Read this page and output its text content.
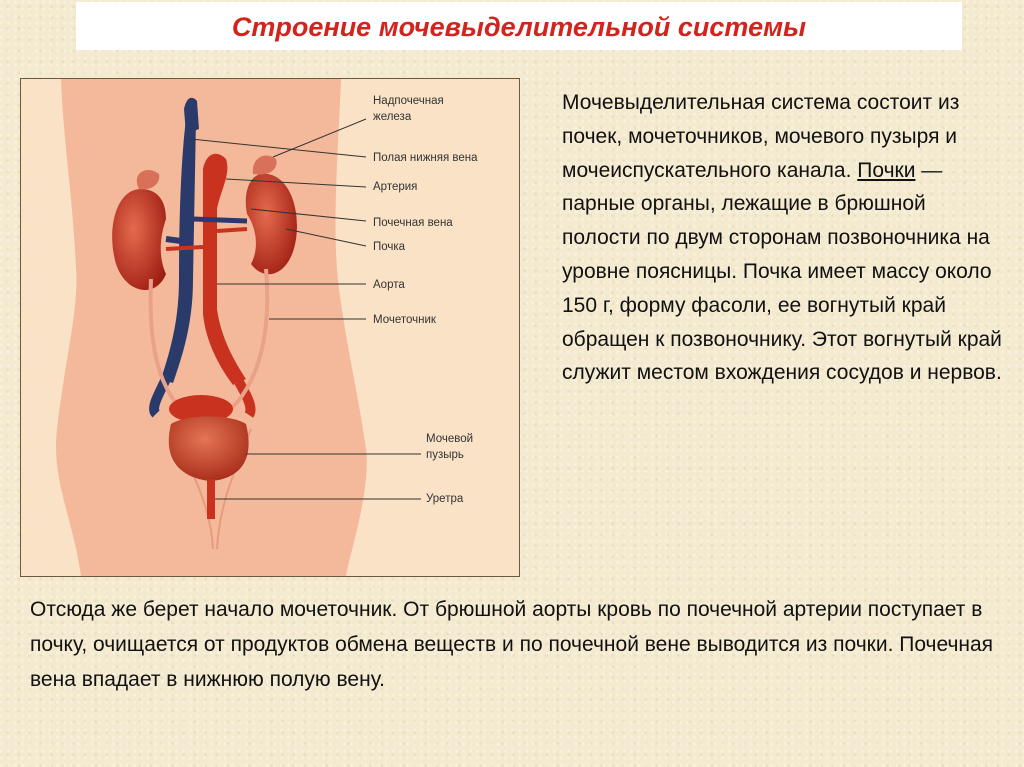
Строение мочевыделительной системы
Надпочечная
железа
Полая нижняя вена
Артерия
Почечная вена
Почка
Аорта
Мочеточник
Мочевой
пузырь
Уретра
Мочевыделительная система состоит из почек, мочеточников, мочевого пузыря и мочеиспускательного канала. Почки — парные органы, лежащие в брюшной полости по двум сторонам позвоночника на уровне поясницы. Почка имеет массу около 150 г, форму фасоли, ее вогнутый край обращен к позвоночнику. Этот вогнутый край служит местом вхождения сосудов и нервов.
Отсюда же берет начало мочеточник. От брюшной аорты кровь по почечной артерии поступает в почку, очищается от продуктов обмена веществ и по почечной вене выводится из почки. Почечная вена впадает в нижнюю полую вену.
